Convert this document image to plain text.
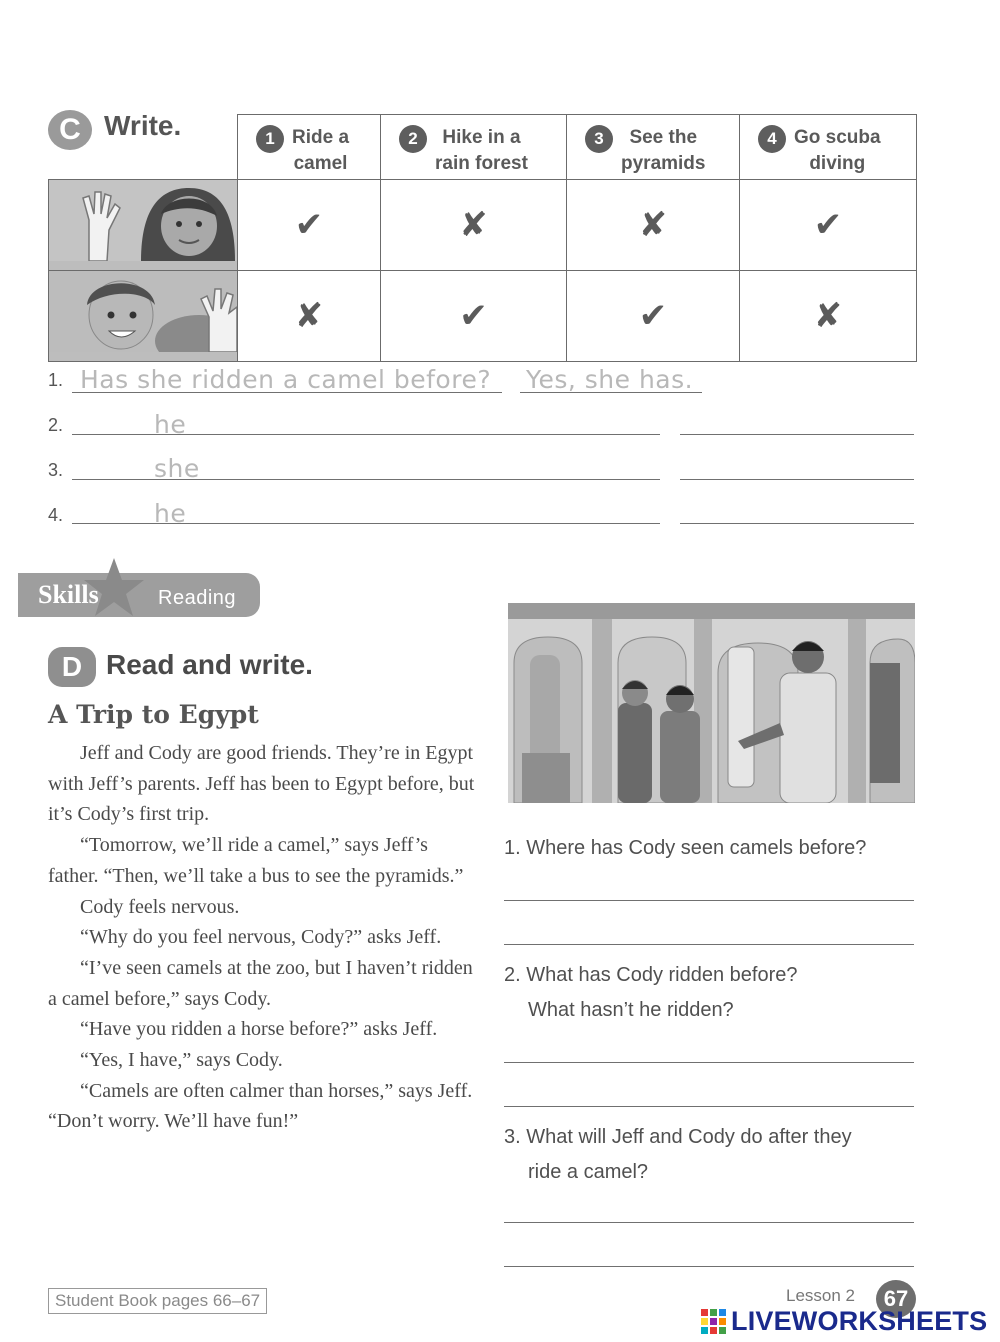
C Write.

1 Ride a
camel	2 Hike in a
rain forest	3 See the
pyramids	4 Go scuba
diving

	✔	✘	✘	✔
	✘	✔	✔	✘
1. Has she ridden a camel before? Yes, she has.
2.	he
3.	she
4.	he
Skills	Reading
D Read and write.
A Trip to Egypt

Jeff and Cody are good friends. They’re in Egypt with Jeff’s parents. Jeff has been to Egypt before, but it’s Cody’s first trip.

“Tomorrow, we’ll ride a camel,” says Jeff’s father. “Then, we’ll take a bus to see the pyramids.”

Cody feels nervous.

“Why do you feel nervous, Cody?” asks Jeff.

“I’ve seen camels at the zoo, but I haven’t ridden a camel before,” says Cody.

“Have you ridden a horse before?” asks Jeff.

“Yes, I have,” says Cody.

“Camels are often calmer than horses,” says Jeff. “Don’t worry. We’ll have fun!”

1. Where has Cody seen camels before?
2. What has Cody ridden before?
What hasn’t he ridden?
3. What will Jeff and Cody do after they
ride a camel?
Student Book pages 66–67	Lesson 2	67
LIVEWORKSHEETS
